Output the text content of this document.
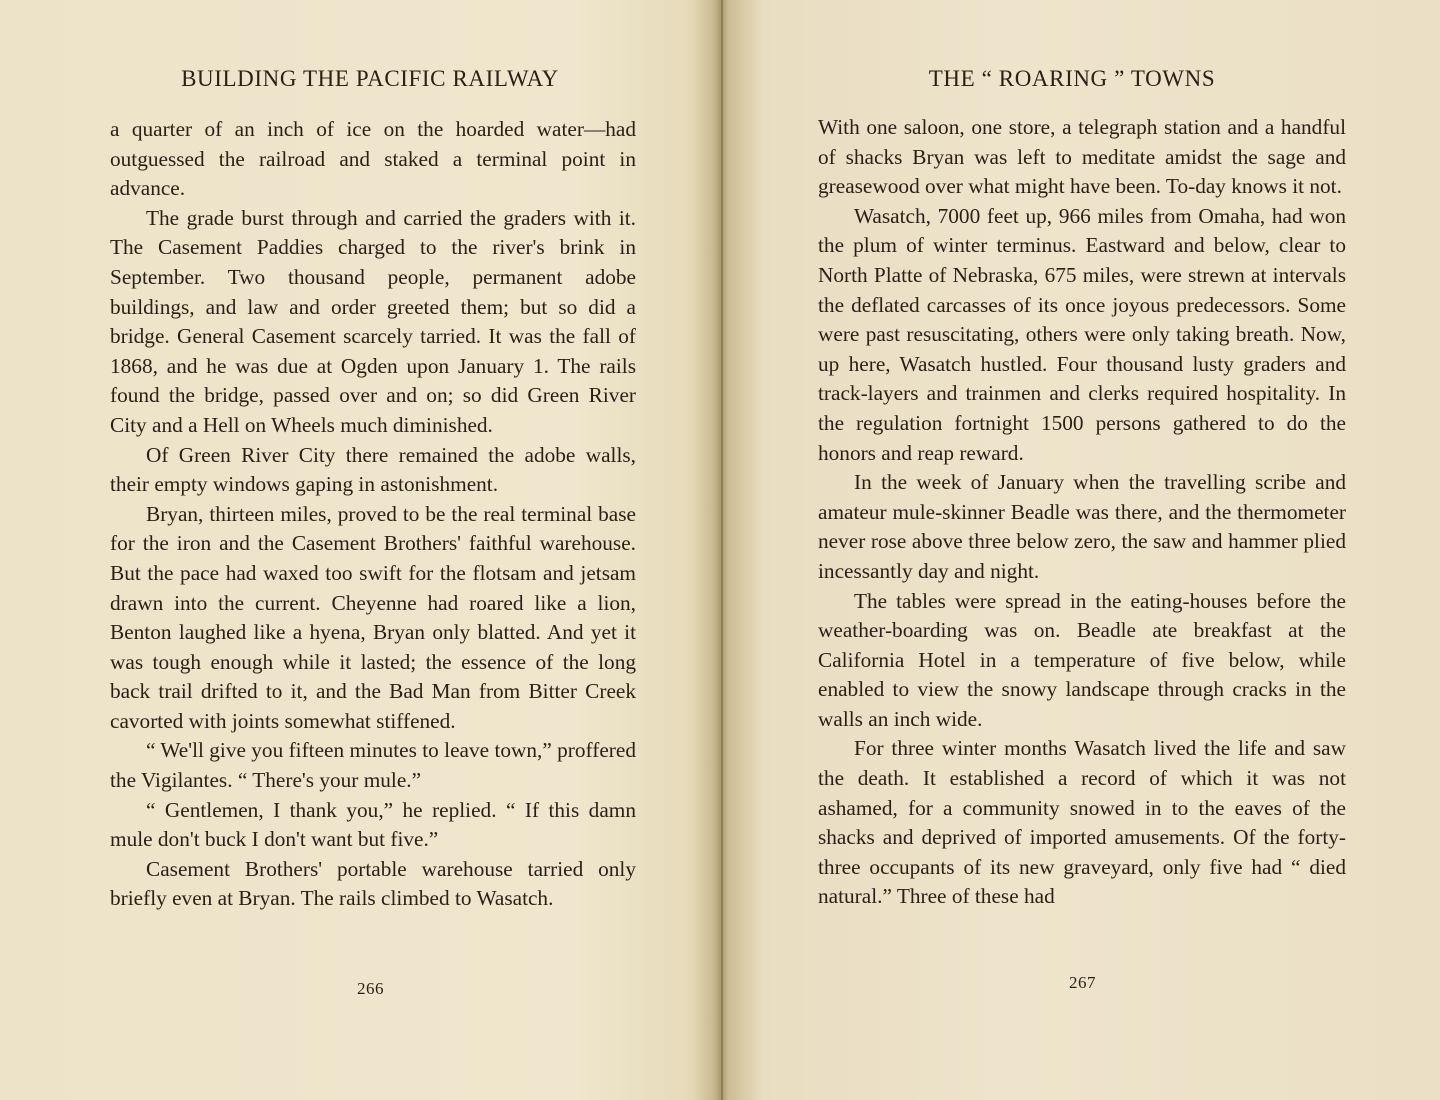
BUILDING THE PACIFIC RAILWAY

a quarter of an inch of ice on the hoarded water—had outguessed the railroad and staked a terminal point in advance.

The grade burst through and carried the graders with it. The Casement Paddies charged to the river's brink in September. Two thousand people, permanent adobe buildings, and law and order greeted them; but so did a bridge. General Casement scarcely tarried. It was the fall of 1868, and he was due at Ogden upon January 1. The rails found the bridge, passed over and on; so did Green River City and a Hell on Wheels much diminished.

Of Green River City there remained the adobe walls, their empty windows gaping in astonishment.

Bryan, thirteen miles, proved to be the real terminal base for the iron and the Casement Brothers' faithful warehouse. But the pace had waxed too swift for the flotsam and jetsam drawn into the current. Cheyenne had roared like a lion, Benton laughed like a hyena, Bryan only blatted. And yet it was tough enough while it lasted; the essence of the long back trail drifted to it, and the Bad Man from Bitter Creek cavorted with joints somewhat stiffened.

“ We'll give you fifteen minutes to leave town,” proffered the Vigilantes. “ There's your mule.”

“ Gentlemen, I thank you,” he replied. “ If this damn mule don't buck I don't want but five.”

Casement Brothers' portable warehouse tarried only briefly even at Bryan. The rails climbed to Wasatch.

266
THE “ ROARING ” TOWNS

With one saloon, one store, a telegraph station and a handful of shacks Bryan was left to meditate amidst the sage and greasewood over what might have been. To-day knows it not.

Wasatch, 7000 feet up, 966 miles from Omaha, had won the plum of winter terminus. Eastward and below, clear to North Platte of Nebraska, 675 miles, were strewn at intervals the deflated carcasses of its once joyous predecessors. Some were past resuscitating, others were only taking breath. Now, up here, Wasatch hustled. Four thousand lusty graders and track-layers and trainmen and clerks required hospitality. In the regulation fortnight 1500 persons gathered to do the honors and reap reward.

In the week of January when the travelling scribe and amateur mule-skinner Beadle was there, and the thermometer never rose above three below zero, the saw and hammer plied incessantly day and night.

The tables were spread in the eating-houses before the weather-boarding was on. Beadle ate breakfast at the California Hotel in a temperature of five below, while enabled to view the snowy landscape through cracks in the walls an inch wide.

For three winter months Wasatch lived the life and saw the death. It established a record of which it was not ashamed, for a community snowed in to the eaves of the shacks and deprived of imported amusements. Of the forty-three occupants of its new graveyard, only five had “ died natural.” Three of these had

267
